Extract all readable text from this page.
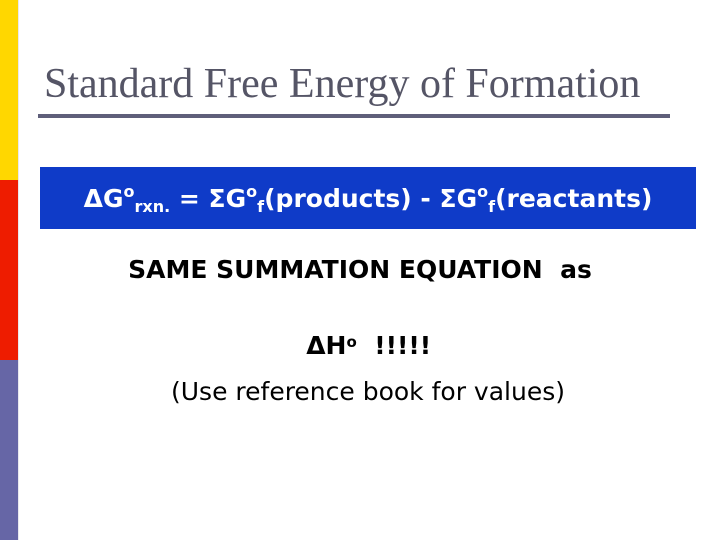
Standard Free Energy of Formation
ΔG o
rxn. = ΣG o
f (products) - ΣG o
f (reactants)
SAME SUMMATION EQUATION  as

ΔHo  !!!!!

(Use reference book for values)
